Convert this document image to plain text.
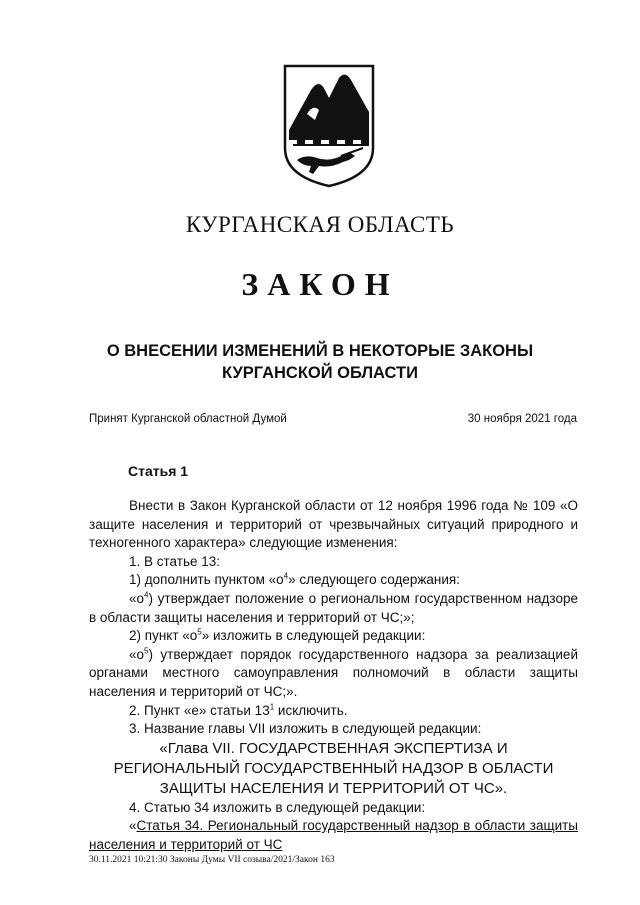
КУРГАНСКАЯ ОБЛАСТЬ
ЗАКОН
О ВНЕСЕНИИ ИЗМЕНЕНИЙ В НЕКОТОРЫЕ ЗАКОНЫ
КУРГАНСКОЙ ОБЛАСТИ
Принят Курганской областной Думой	30 ноября 2021 года
Статья 1

Внести в Закон Курганской области от 12 ноября 1996 года № 109 «О защите населения и территорий от чрезвычайных ситуаций природного и техногенного характера» следующие изменения:

1. В статье 13:

1) дополнить пунктом «$о^4$» следующего содержания:

«$о^4$) утверждает положение о региональном государственном надзоре в области защиты населения и территорий от ЧС;»;

2) пункт «$о^5$» изложить в следующей редакции:

«$о^5$) утверждает порядок государственного надзора за реализацией органами местного самоуправления полномочий в области защиты населения и территорий от ЧС;».

2. Пункт «е» статьи $13^1$ исключить.

3. Название главы VII изложить в следующей редакции:

«Глава VII. ГОСУДАРСТВЕННАЯ ЭКСПЕРТИЗА И

РЕГИОНАЛЬНЫЙ ГОСУДАРСТВЕННЫЙ НАДЗОР В ОБЛАСТИ

ЗАЩИТЫ НАСЕЛЕНИЯ И ТЕРРИТОРИЙ ОТ ЧС».

4. Статью 34 изложить в следующей редакции:

«Статья 34. Региональный государственный надзор в области защиты населения и территорий от ЧС

30.11.2021 10:21:30 Законы Думы VII созыва/2021/Закон 163
